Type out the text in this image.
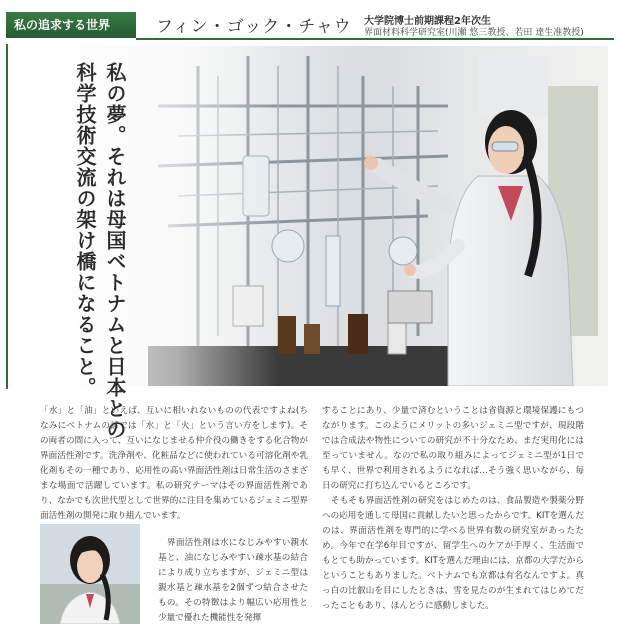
私の追求する世界	フィン・ゴック・チャウ 大学院博士前期課程2年次生
界面材料科学研究室(川瀬 悠三教授、若田 達生准教授)
私の夢。それは母国ベトナムと日本との
科学技術交流の架け橋になること。

「水」と「油」といえば、互いに相いれないものの代表ですよね(ちなみにベトナムの諺では「水」と「火」という言い方をします)。その両者の間に入って、互いになじませる仲介役の働きをする化合物が界面活性剤です。洗浄剤や、化粧品などに使われている可溶化剤や乳化剤もその一種であり、応用性の高い界面活性剤は日常生活のさまざまな場面で活躍しています。私の研究テーマはその界面活性剤であり、なかでも次世代型として世界的に注目を集めているジェミニ型界面活性剤の開発に取り組んでいます。

界面活性剤は水になじみやすい親水基と、油になじみやすい疎水基の結合により成り立ちますが、ジェミニ型は親水基と疎水基を2個ずつ結合させたもの。その特徴はより幅広い応用性と少量で優れた機能性を発揮

することにあり、少量で済むということは省資源と環境保護にもつながります。このようにメリットの多いジェミニ型ですが、現段階では合成法や物性についての研究が不十分なため、まだ実用化には至っていません。なので私の取り組みによってジェミニ型が1日でも早く、世界で利用されるようになれば…そう強く思いながら、毎日の研究に打ち込んでいるところです。

そもそも界面活性剤の研究をはじめたのは、食品製造や製薬分野への応用を通して母国に貢献したいと思ったからです。KITを選んだのは、界面活性剤を専門的に学べる世界有数の研究室があったため。今年で在学6年目ですが、留学生へのケアが手厚く、生活面でもとても助かっています。KITを選んだ理由には、京都の大学だからということもありました。ベトナムでも京都は有名なんですよ。真っ白の比叡山を目にしたときは、雪を見たのが生まれてはじめてだったこともあり、ほんとうに感動しました。
